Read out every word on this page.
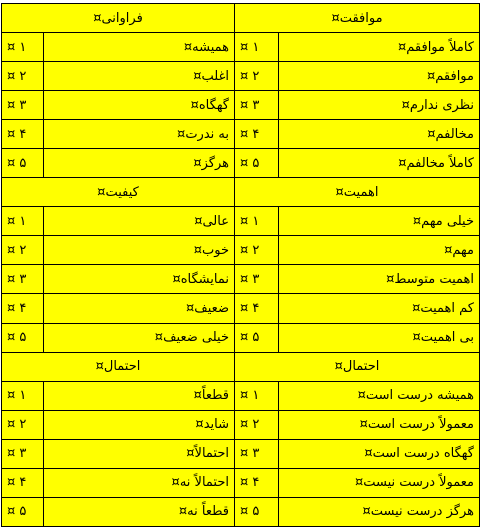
فراوانی¤		موافقت¤	
۱ ¤	همیشه¤	۱ ¤	کاملاً موافقم¤
۲ ¤	اغلب¤	۲ ¤	موافقم¤
۳ ¤	گهگاه¤	۳ ¤	نظری ندارم¤
۴ ¤	به ندرت¤	۴ ¤	مخالفم¤
۵ ¤	هرگز¤	۵ ¤	کاملاً مخالفم¤
کیفیت¤		اهمیت¤	
۱ ¤	عالی¤	۱ ¤	خیلی مهم¤
۲ ¤	خوب¤	۲ ¤	مهم¤
۳ ¤	نمایشگاه¤	۳ ¤	اهمیت متوسط¤
۴ ¤	ضعیف¤	۴ ¤	کم اهمیت¤
۵ ¤	خیلی ضعیف¤	۵ ¤	بی اهمیت¤
احتمال¤		احتمال¤	
۱ ¤	قطعاً¤	۱ ¤	همیشه درست است¤
۲ ¤	شاید¤	۲ ¤	معمولاً درست است¤
۳ ¤	احتمالاً¤	۳ ¤	گهگاه درست است¤
۴ ¤	احتمالاً نه¤	۴ ¤	معمولاً درست نیست¤
۵ ¤	قطعاً نه¤	۵ ¤	هرگز درست نیست¤
